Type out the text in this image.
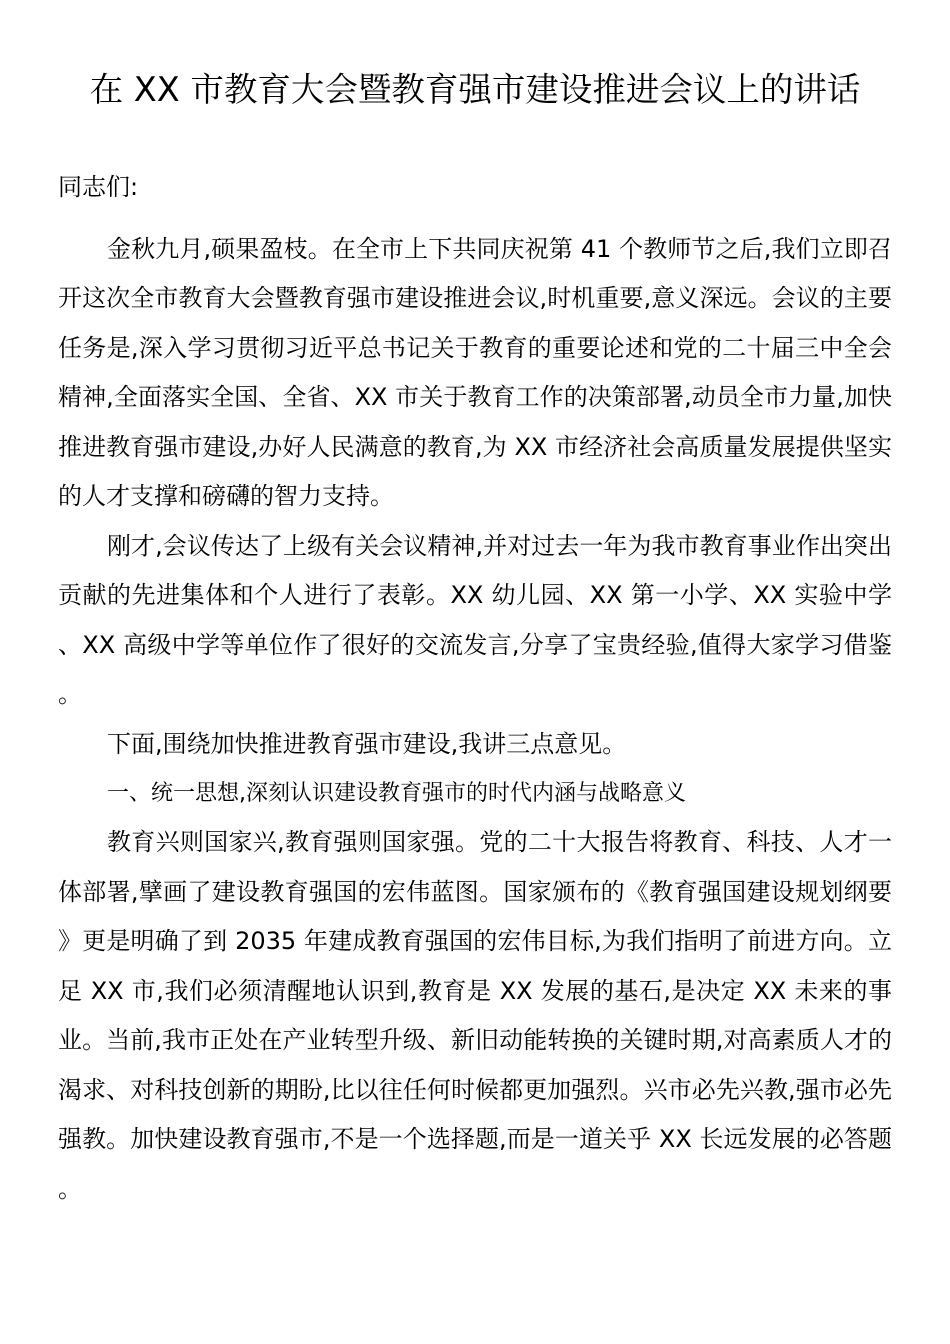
在 XX 市教育大会暨教育强市建设推进会议上的讲话

同志们:

金秋九月,硕果盈枝。在全市上下共同庆祝第 41 个教师节之后,我们立即召开这次全市教育大会暨教育强市建设推进会议,时机重要,意义深远。会议的主要任务是,深入学习贯彻习近平总书记关于教育的重要论述和党的二十届三中全会精神,全面落实全国、全省、XX 市关于教育工作的决策部署,动员全市力量,加快推进教育强市建设,办好人民满意的教育,为 XX 市经济社会高质量发展提供坚实的人才支撑和磅礴的智力支持。

刚才,会议传达了上级有关会议精神,并对过去一年为我市教育事业作出突出贡献的先进集体和个人进行了表彰。XX 幼儿园、XX 第一小学、XX 实验中学、XX 高级中学等单位作了很好的交流发言,分享了宝贵经验,值得大家学习借鉴。

下面,围绕加快推进教育强市建设,我讲三点意见。

一、统一思想,深刻认识建设教育强市的时代内涵与战略意义

教育兴则国家兴,教育强则国家强。党的二十大报告将教育、科技、人才一体部署,擘画了建设教育强国的宏伟蓝图。国家颁布的《教育强国建设规划纲要》更是明确了到 2035 年建成教育强国的宏伟目标,为我们指明了前进方向。立足 XX 市,我们必须清醒地认识到,教育是 XX 发展的基石,是决定 XX 未来的事业。当前,我市正处在产业转型升级、新旧动能转换的关键时期,对高素质人才的渴求、对科技创新的期盼,比以往任何时候都更加强烈。兴市必先兴教,强市必先强教。加快建设教育强市,不是一个选择题,而是一道关乎 XX 长远发展的必答题。
